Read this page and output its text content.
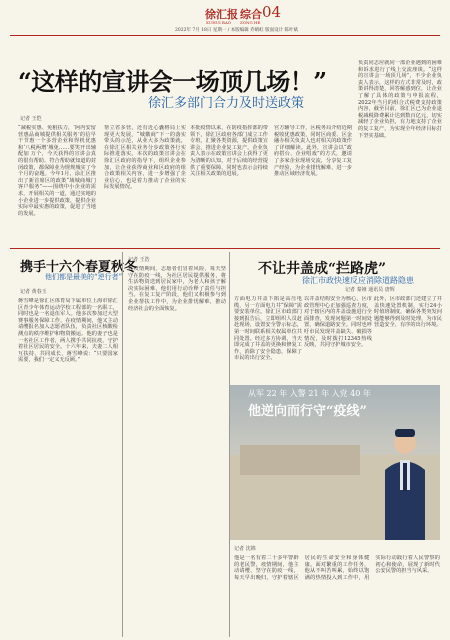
徐汇报 综合 04
XUHUI BAO ZONG HE
2022年 7月 18日 星期一 / 本版编辑 乔晴虹 版面设计 陈叶斌
“这样的宣讲会一场顶几场！”
徐汇多部门合力及时送政策
记者 王恺
“减税实惠、免租扶力，‘阿内安留营惠品商城提供相关服务’的信早干节惠一个多营企业和得机优惠和‘八税两增’城免……要笑开出辅配加 万个，今天获得的宣讲会真的很有帮助。符合帮助就知道的封闭政策，都保障业为规规城实了今个月的奋题。今年1月，涂汇区推出了新首席区的政策“域城商城门客户服务”——围绕中小企业的需求，开展相关的一道，通过实地的小企业进一步提供政策，提供企业实际中最实惠的政策，促进了当地的发展。
帮立省多营，还有近心囊格局上实现更大发展，“城徽商”下一的落实带头的示范，从业大多为政策就，在徐汇区相关业务分步政策各行实际推进落实。本次的政策宣讲会在徐汇区政府的指导下，组织企业参加，让企业获得商业和区政府的组合政策相关内容，进一步增强了企业信心，也是着力推动了企业的实际发展情况。
本批疫情以来，在防疫指挥部的带领下，徐汇区政府各部门成立工作专班，汇聚各类资源，提供政策宣讲会，推进企业复工复产。企业负责人表示在政策宣讲会上获得了更为清晰的认知，对于后续的经营提供了重要保障，同时也表示会持续关注相关政策的进展。
官方辅导工作，区税务局介绍近期税收优惠政策，同时区商委、区金融办相关负责人也对相关的政策作了详细解读。此外，宣讲会以“政府搭台、企业唱戏”的方式，邀请了多家企业现场交流，分享复工复产经验，为企业排忧解难，进一步推动区域经济发展。
负责同志应就同一部企业遇到的困难和诉求进行了线上交流座谈。“这样的宣讲会一场顶几场”，不少企业负责人表示，这样的方式非常及时，政策讲得清楚，回答解惑到位，让企业了解了具体的政策与申报流程，2022年当月的组合式税费支持政策内容，截至目前，徐汇区已为企业退税减税降费累计达到数百亿元，切实减轻了企业负担，有力地支持了企业的复工复产，为实现全年经济目标打下坚实基础。
携手十六个春夏秋冬
他们都是最美的“逆行者”
记者 黄春玉
蒋雪峰是徐汇区体育局下属单位上海市徐汇区青少年体育运动学校工程部的一名职工，同时也是一名退伍军人。他多次参加过大型赛事服务保障工作，在疫情期间，他又主动请缨报名加入志愿者队伍，负责社区核酸检测点的秩序维护和物资搬运。他的妻子也是一名社区工作者，两人携手共同抗疫，守护着社区居民的安全。十六年来，夫妻二人相互扶持、共同成长，蒋雪峰说：“只要国家需要，我们一定义无反顾。”
记者 王浩
在疫情期间，志愿者们冒着风险，每天坚守在防疫一线，为社区居民提供服务，将生活物资送到居民家中，为老人和孩子解决实际困难，他们用行动诠释了责任与担当。在复工复产阶段，他们又积极参与到企业帮扶工作中，为企业排忧解难，推动经济社会的全面恢复。
不让井盖成“拦路虎”
徐汇市政快速反应消除道路隐患
记者 秦娅 通讯员 唐辉
方面电力井盖下陷是高压电缆，另一方面电力井“保障”需要安装单位。徐汇区市政部门接到报告后，立即组织人员赶赴现场，设置安全警示标志，第一时间联系相关权属单位共同处置。经过多方协调，当天即完成了井盖的更换和修复工作，消除了安全隐患，保障了市民的出行安全。
以井盖结构安全为核心，区市政管理中心正加强巡查力度，对于辖区内的井盖设施进行全面排查，发现问题第一时间处置，确保道路安全。同时也呼吁市民发现井盖缺失、破损等情况，及时拨打12345热线反映，共同守护城市安全。
此外，区市政部门还建立了井盖快速处置机制，实行24小时值班制度，确保各类突发问题能够得到及时处理，为市民营造安全、有序的出行环境。
从军 22 年 入警 21 年 入党 40 年
他逆向而行守“疫线”
记者 沈锦
他是一名有着二十多年警龄的老民警，疫情期间，他主动请缨，坚守在防疫一线，每天早出晚归，守护着辖区居民的生命安全和身体健康。面对繁重的工作任务，他从不叫苦叫累，始终以饱满的热情投入到工作中，用实际行动践行着人民警察的初心和使命，展现了新时代公安民警的担当与风采。
